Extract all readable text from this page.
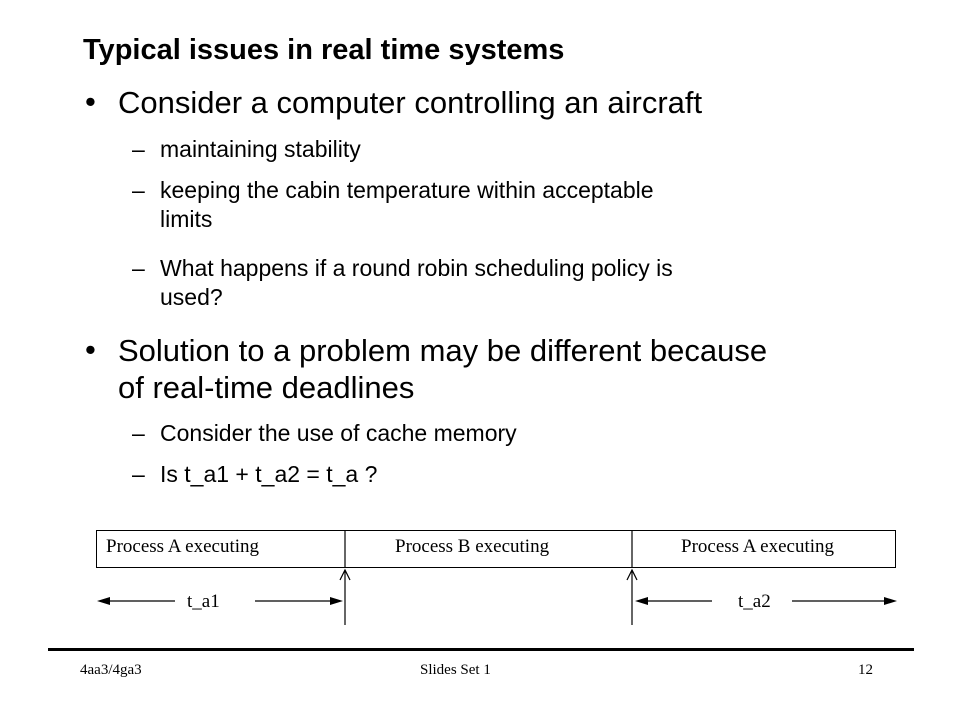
Typical issues in real time systems
• Consider a computer controlling an aircraft
– maintaining stability
– keeping the cabin temperature within acceptable
limits
– What happens if a round robin scheduling policy is
used?
• Solution to a problem may be different because
of real-time deadlines
– Consider the use of cache memory
– Is t_a1 + t_a2 = t_a ?
Process A executing	Process B executing	Process A executing
t_a1	t_a2
4aa3/4ga3	Slides Set 1	12
